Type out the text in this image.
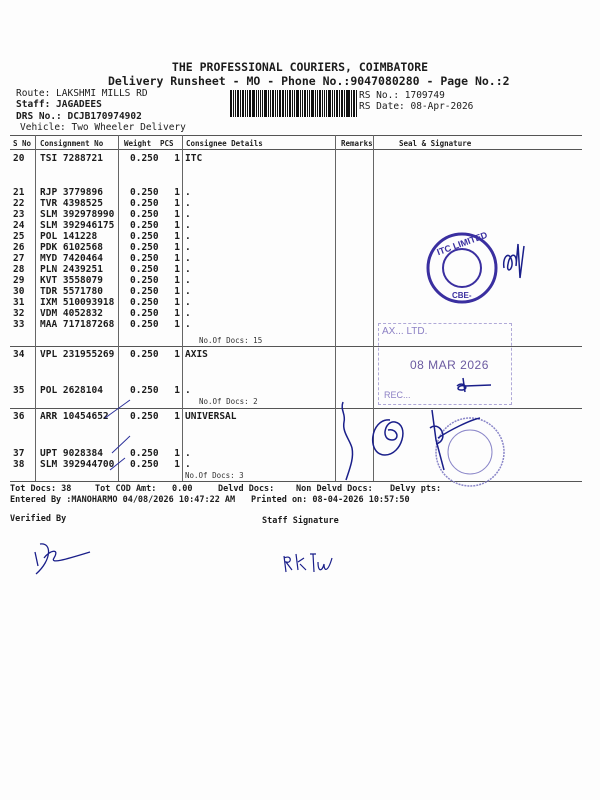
THE PROFESSIONAL COURIERS, COIMBATORE
Delivery Runsheet - MO - Phone No.:9047080280 - Page No.:2
Route: LAKSHMI MILLS RD
Staff: JAGADEES
DRS No.: DCJB170974902
Vehicle: Two Wheeler Delivery
RS No.: 1709749
RS Date: 08-Apr-2026
S No Consignment No	Weight PCS Consignee Details	Remarks	Seal & Signature
20	TSI 7288721	0.250	1 ITC
21	RJP 3779896	0.250	1 .
22	TVR 4398525	0.250	1 .
23	SLM 392978990	0.250	1 .
24	SLM 392946175	0.250	1 .
25	POL 141228	0.250	1 .
26	PDK 6102568	0.250	1 .
27	MYD 7420464	0.250	1 .
28	PLN 2439251	0.250	1 .
29	KVT 3558079	0.250	1 .
30	TDR 5571780	0.250	1 .
31	IXM 510093918	0.250	1 .
32	VDM 4052832	0.250	1 .
33	MAA 717187268	0.250	1 .
34	VPL 231955269	0.250	1 AXIS
35	POL 2628104	0.250	1 .
36	ARR 10454652	0.250	1 UNIVERSAL
37	UPT 9028384	0.250	1 .
38	SLM 392944700	0.250	1 .
No.Of Docs: 15
No.Of Docs: 2
No.Of Docs: 3
ITC LIMITED
CBE-
AX... LTD.
08 MAR 2026
REC...
Tot Docs: 38	Tot COD Amt: 0.00	Delvd Docs:	Non Delvd Docs: Delvy pts:
Entered By :MANOHARMO 04/08/2026 10:47:22 AM Printed on: 08-04-2026 10:57:50
Verified By	Staff Signature
